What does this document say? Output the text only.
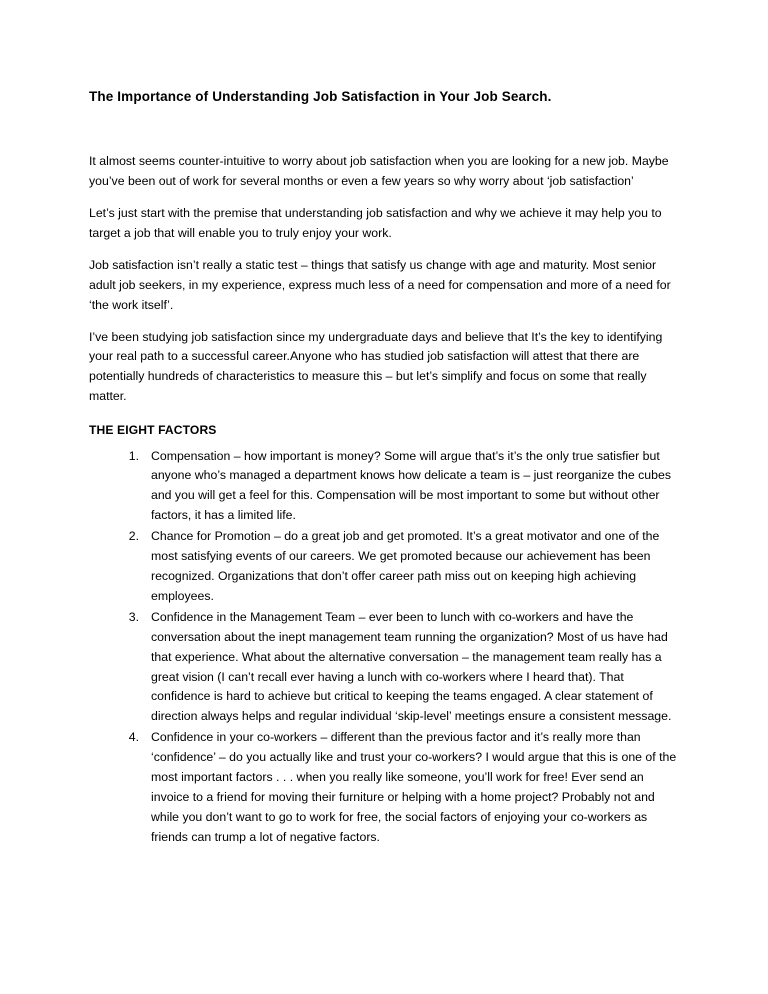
The Importance of Understanding Job Satisfaction in Your Job Search.

It almost seems counter-intuitive to worry about job satisfaction when you are looking for a new job. Maybe you’ve been out of work for several months or even a few years so why worry about ‘job satisfaction’

Let’s just start with the premise that understanding job satisfaction and why we achieve it may help you to target a job that will enable you to truly enjoy your work.

Job satisfaction isn’t really a static test – things that satisfy us change with age and maturity. Most senior adult job seekers, in my experience, express much less of a need for compensation and more of a need for ‘the work itself’.

I’ve been studying job satisfaction since my undergraduate days and believe that It’s the key to identifying your real path to a successful career.Anyone who has studied job satisfaction will attest that there are potentially hundreds of characteristics to measure this – but let’s simplify and focus on some that really matter.

THE EIGHT FACTORS
Compensation – how important is money? Some will argue that’s it’s the only true satisfier but anyone who’s managed a department knows how delicate a team is – just reorganize the cubes and you will get a feel for this. Compensation will be most important to some but without other factors, it has a limited life.
Chance for Promotion – do a great job and get promoted. It’s a great motivator and one of the most satisfying events of our careers. We get promoted because our achievement has been recognized. Organizations that don’t offer career path miss out on keeping high achieving employees.
Confidence in the Management Team – ever been to lunch with co-workers and have the conversation about the inept management team running the organization? Most of us have had that experience. What about the alternative conversation – the management team really has a great vision (I can’t recall ever having a lunch with co-workers where I heard that). That confidence is hard to achieve but critical to keeping the teams engaged. A clear statement of direction always helps and regular individual ‘skip-level’ meetings ensure a consistent message.
Confidence in your co-workers – different than the previous factor and it’s really more than ‘confidence’ – do you actually like and trust your co-workers? I would argue that this is one of the most important factors . . . when you really like someone, you’ll work for free! Ever send an invoice to a friend for moving their furniture or helping with a home project? Probably not and while you don’t want to go to work for free, the social factors of enjoying your co-workers as friends can trump a lot of negative factors.
